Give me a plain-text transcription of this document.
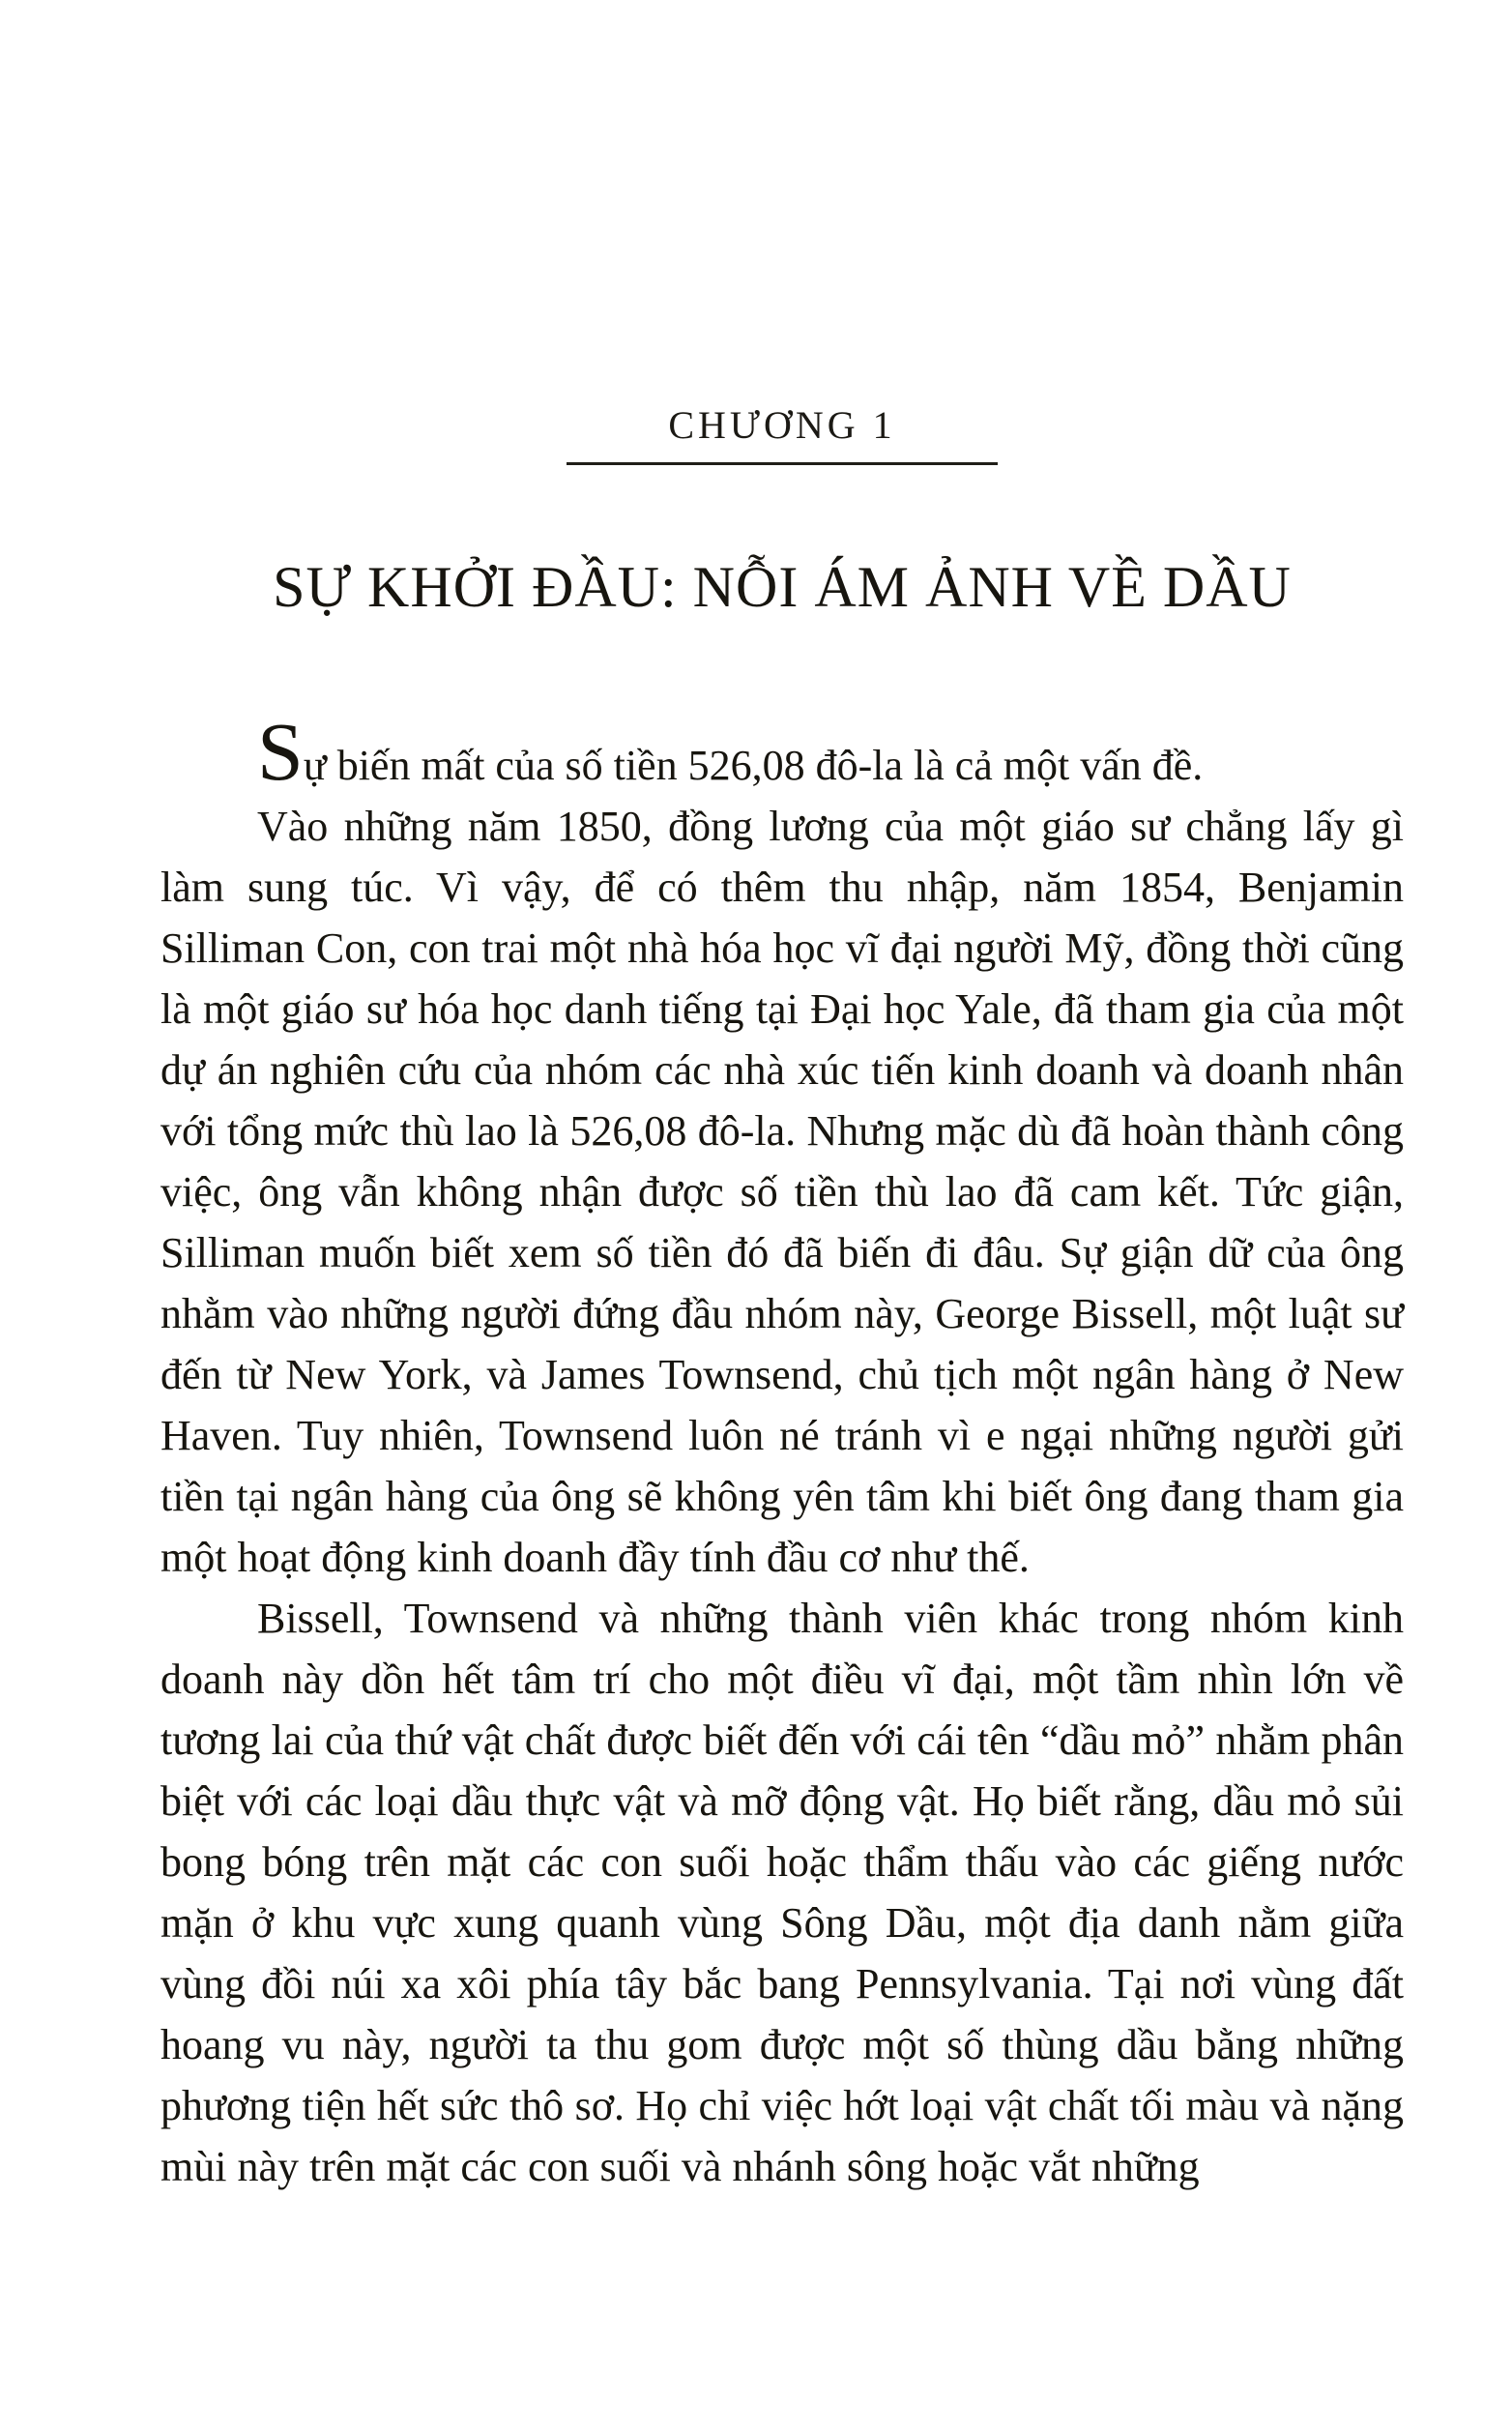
CHƯƠNG 1
SỰ KHỞI ĐẦU: NỖI ÁM ẢNH VỀ DẦU

Sự biến mất của số tiền 526,08 đô-la là cả một vấn đề.

Vào những năm 1850, đồng lương của một giáo sư chẳng lấy gì làm sung túc. Vì vậy, để có thêm thu nhập, năm 1854, Benjamin Silliman Con, con trai một nhà hóa học vĩ đại người Mỹ, đồng thời cũng là một giáo sư hóa học danh tiếng tại Đại học Yale, đã tham gia của một dự án nghiên cứu của nhóm các nhà xúc tiến kinh doanh và doanh nhân với tổng mức thù lao là 526,08 đô-la. Nhưng mặc dù đã hoàn thành công việc, ông vẫn không nhận được số tiền thù lao đã cam kết. Tức giận, Silliman muốn biết xem số tiền đó đã biến đi đâu. Sự giận dữ của ông nhằm vào những người đứng đầu nhóm này, George Bissell, một luật sư đến từ New York, và James Townsend, chủ tịch một ngân hàng ở New Haven. Tuy nhiên, Townsend luôn né tránh vì e ngại những người gửi tiền tại ngân hàng của ông sẽ không yên tâm khi biết ông đang tham gia một hoạt động kinh doanh đầy tính đầu cơ như thế.

Bissell, Townsend và những thành viên khác trong nhóm kinh doanh này dồn hết tâm trí cho một điều vĩ đại, một tầm nhìn lớn về tương lai của thứ vật chất được biết đến với cái tên “dầu mỏ” nhằm phân biệt với các loại dầu thực vật và mỡ động vật. Họ biết rằng, dầu mỏ sủi bong bóng trên mặt các con suối hoặc thẩm thấu vào các giếng nước mặn ở khu vực xung quanh vùng Sông Dầu, một địa danh nằm giữa vùng đồi núi xa xôi phía tây bắc bang Pennsylvania. Tại nơi vùng đất hoang vu này, người ta thu gom được một số thùng dầu bằng những phương tiện hết sức thô sơ. Họ chỉ việc hớt loại vật chất tối màu và nặng mùi này trên mặt các con suối và nhánh sông hoặc vắt những
